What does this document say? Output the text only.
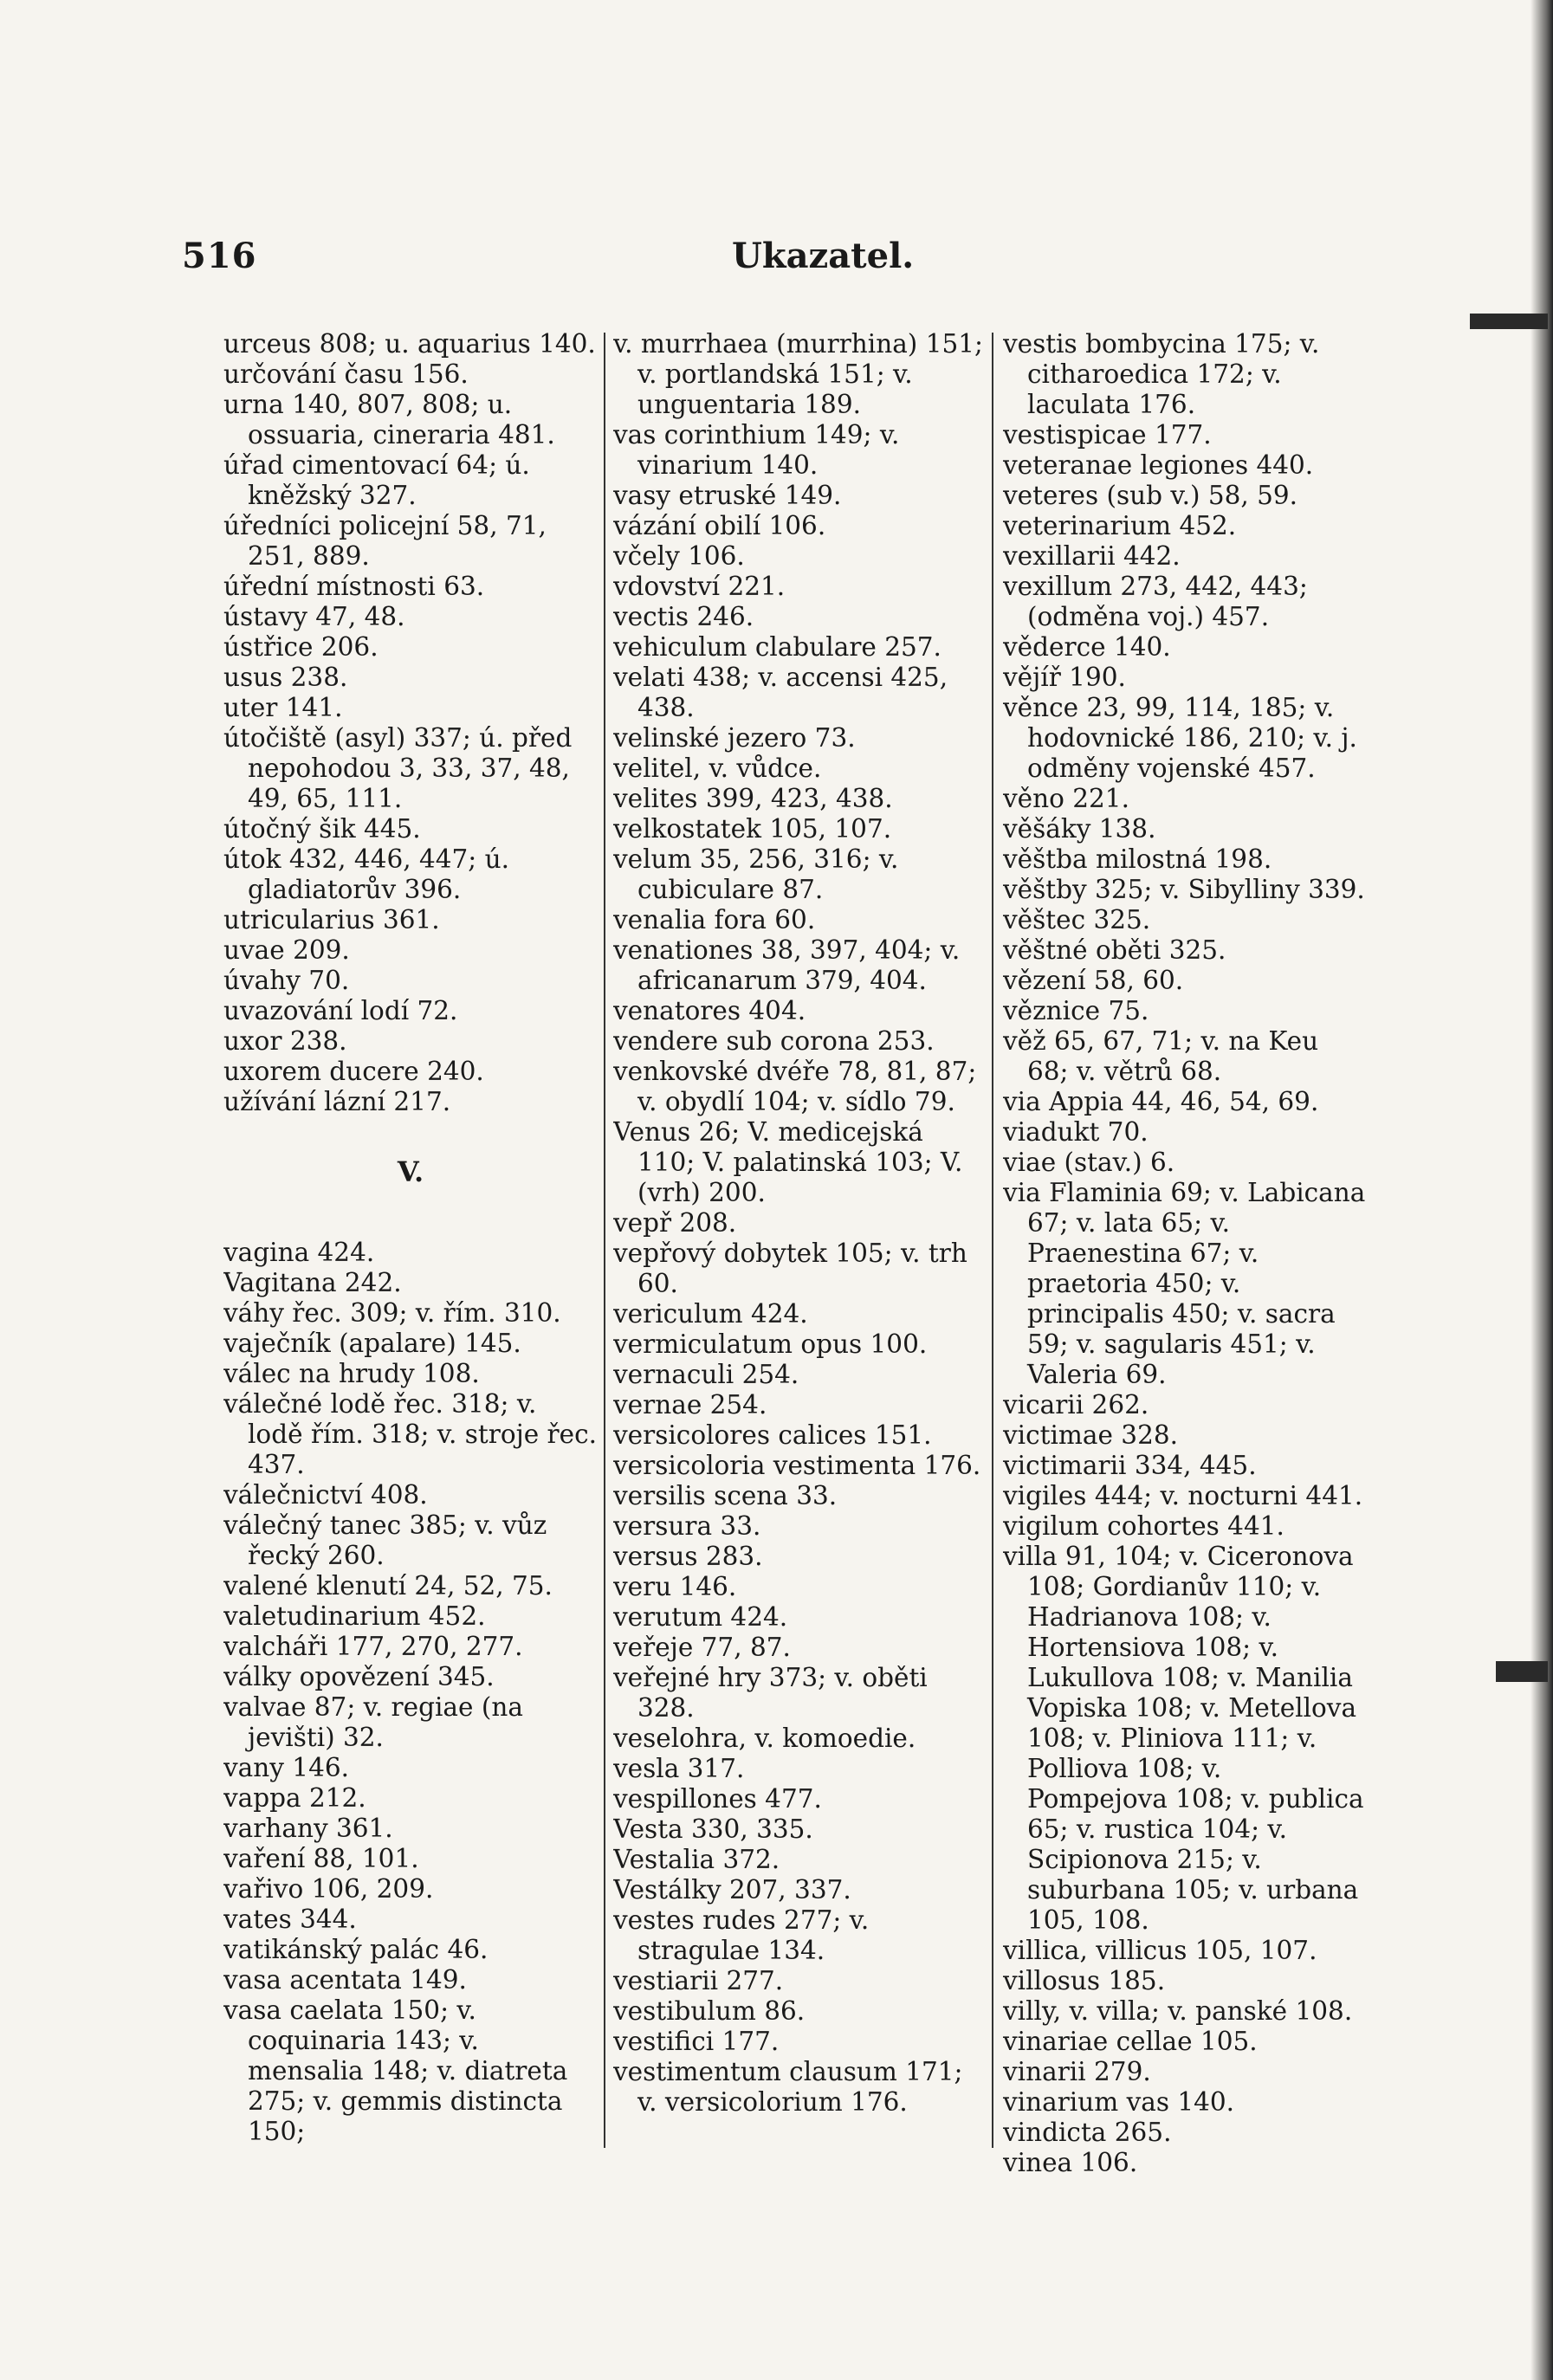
516	Ukazatel.

urceus 808; u. aquarius 140.

určování času 156.

urna 140, 807, 808; u. ossuaria, cineraria 481.

úřad cimentovací 64; ú. kněžský 327.

úředníci policejní 58, 71, 251, 889.

úřední místnosti 63.

ústavy 47, 48.

ústřice 206.

usus 238.

uter 141.

útočiště (asyl) 337; ú. před nepohodou 3, 33, 37, 48, 49, 65, 111.

útočný šik 445.

útok 432, 446, 447; ú. gladiatorův 396.

utricularius 361.

uvae 209.

úvahy 70.

uvazování lodí 72.

uxor 238.

uxorem ducere 240.

užívání lázní 217.

V.

vagina 424.

Vagitana 242.

váhy řec. 309; v. řím. 310.

vaječník (apalare) 145.

válec na hrudy 108.

válečné lodě řec. 318; v. lodě řím. 318; v. stroje řec. 437.

válečnictví 408.

válečný tanec 385; v. vůz řecký 260.

valené klenutí 24, 52, 75.

valetudinarium 452.

valcháři 177, 270, 277.

války opovězení 345.

valvae 87; v. regiae (na jevišti) 32.

vany 146.

vappa 212.

varhany 361.

vaření 88, 101.

vařivo 106, 209.

vates 344.

vatikánský palác 46.

vasa acentata 149.

vasa caelata 150; v. coquinaria 143; v. mensalia 148; v. diatreta 275; v. gemmis distincta 150;

v. murrhaea (murrhina) 151; v. portlandská 151; v. unguentaria 189.

vas corinthium 149; v. vinarium 140.

vasy etruské 149.

vázání obilí 106.

včely 106.

vdovství 221.

vectis 246.

vehiculum clabulare 257.

velati 438; v. accensi 425, 438.

velinské jezero 73.

velitel, v. vůdce.

velites 399, 423, 438.

velkostatek 105, 107.

velum 35, 256, 316; v. cubiculare 87.

venalia fora 60.

venationes 38, 397, 404; v. africanarum 379, 404.

venatores 404.

vendere sub corona 253.

venkovské dvéře 78, 81, 87; v. obydlí 104; v. sídlo 79.

Venus 26; V. medicejská 110; V. palatinská 103; V. (vrh) 200.

vepř 208.

vepřový dobytek 105; v. trh 60.

vericulum 424.

vermiculatum opus 100.

vernaculi 254.

vernae 254.

versicolores calices 151.

versicoloria vestimenta 176.

versilis scena 33.

versura 33.

versus 283.

veru 146.

verutum 424.

veřeje 77, 87.

veřejné hry 373; v. oběti 328.

veselohra, v. komoedie.

vesla 317.

vespillones 477.

Vesta 330, 335.

Vestalia 372.

Vestálky 207, 337.

vestes rudes 277; v. stragulae 134.

vestiarii 277.

vestibulum 86.

vestifici 177.

vestimentum clausum 171; v. versicolorium 176.

vestis bombycina 175; v. citharoedica 172; v. laculata 176.

vestispicae 177.

veteranae legiones 440.

veteres (sub v.) 58, 59.

veterinarium 452.

vexillarii 442.

vexillum 273, 442, 443; (odměna voj.) 457.

věderce 140.

vějíř 190.

věnce 23, 99, 114, 185; v. hodovnické 186, 210; v. j. odměny vojenské 457.

věno 221.

věšáky 138.

věštba milostná 198.

věštby 325; v. Sibylliny 339.

věštec 325.

věštné oběti 325.

vězení 58, 60.

věznice 75.

věž 65, 67, 71; v. na Keu 68; v. větrů 68.

via Appia 44, 46, 54, 69.

viadukt 70.

viae (stav.) 6.

via Flaminia 69; v. Labicana 67; v. lata 65; v. Praenestina 67; v. praetoria 450; v. principalis 450; v. sacra 59; v. sagularis 451; v. Valeria 69.

vicarii 262.

victimae 328.

victimarii 334, 445.

vigiles 444; v. nocturni 441.

vigilum cohortes 441.

villa 91, 104; v. Ciceronova 108; Gordianův 110; v. Hadrianova 108; v. Hortensiova 108; v. Lukullova 108; v. Manilia Vopiska 108; v. Metellova 108; v. Pliniova 111; v. Polliova 108; v. Pompejova 108; v. publica 65; v. rustica 104; v. Scipionova 215; v. suburbana 105; v. urbana 105, 108.

villica, villicus 105, 107.

villosus 185.

villy, v. villa; v. panské 108.

vinariae cellae 105.

vinarii 279.

vinarium vas 140.

vindicta 265.

vinea 106.
